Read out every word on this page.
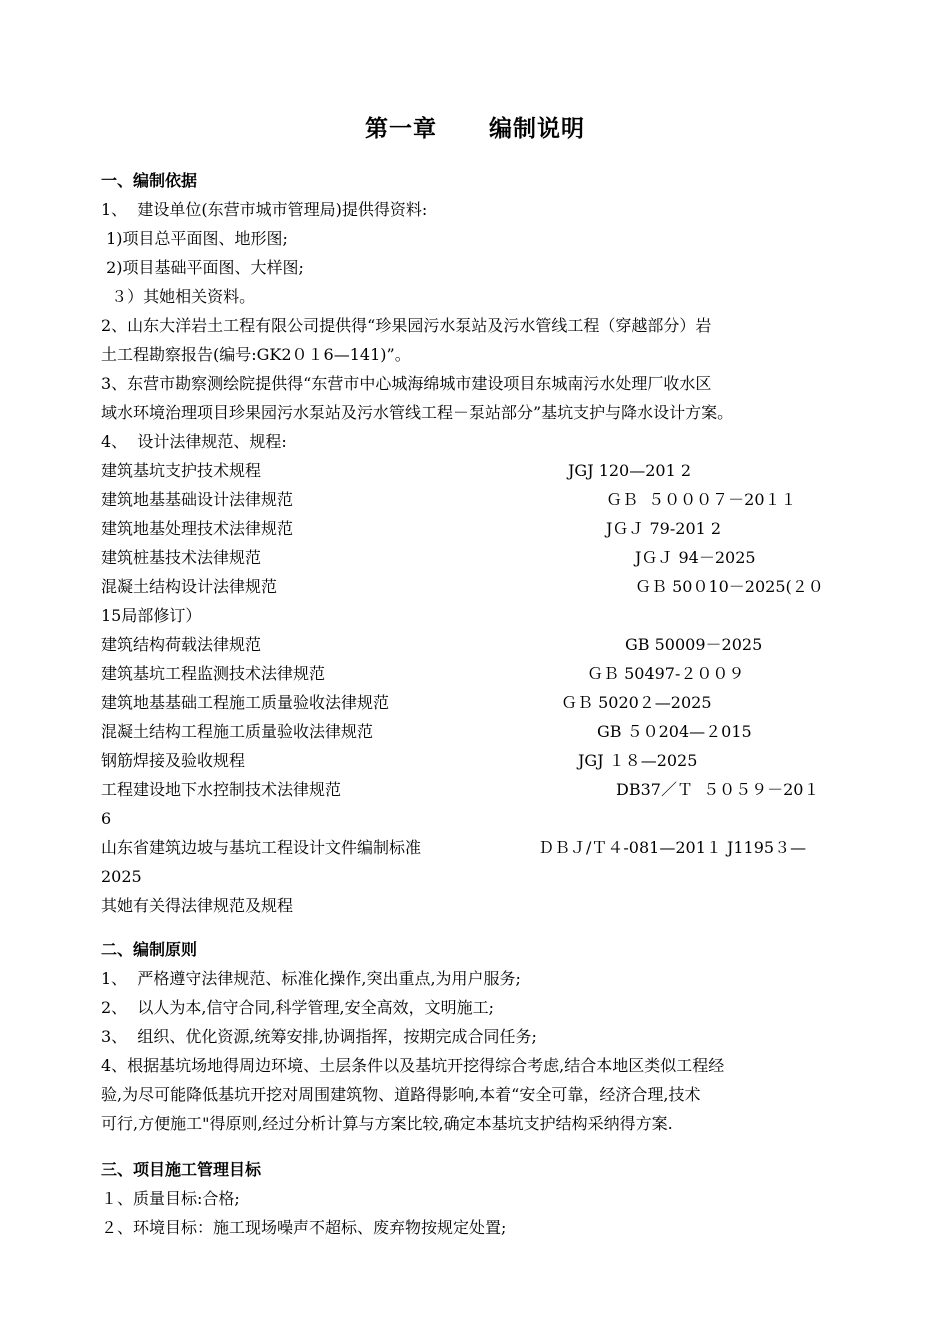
第一章 编制说明
一、编制依据
1、  建设单位(东营市城市管理局)提供得资料:
1)项目总平面图、地形图;
2)项目基础平面图、大样图;
３）其她相关资料。
2、山东大洋岩土工程有限公司提供得“珍果园污水泵站及污水管线工程（穿越部分）岩
土工程勘察报告(编号:GK2０１6—141)”。
3、东营市勘察测绘院提供得“东营市中心城海绵城市建设项目东城南污水处理厂收水区
域水环境治理项目珍果园污水泵站及污水管线工程－泵站部分”基坑支护与降水设计方案。
4、  设计法律规范、规程:
建筑基坑支护技术规程	JGJ 120—201 2
建筑地基基础设计法律规范	ＧＢ  ５０００７－20１１
建筑地基处理技术法律规范	JＧＪ 79-201 2
建筑桩基技术法律规范	JＧＪ 94－2025
混凝土结构设计法律规范	ＧＢ 50０10－2025(２０
15局部修订）
建筑结构荷载法律规范	GB 50009－2025
建筑基坑工程监测技术法律规范	ＧＢ 50497-２００９
建筑地基基础工程施工质量验收法律规范	ＧＢ 5020２—2025
混凝土结构工程施工质量验收法律规范	GB ５０204—２015
钢筋焊接及验收规程	JGJ １８—2025
工程建设地下水控制技术法律规范	DB37／Ｔ  ５０５９－20１
6
山东省建筑边坡与基坑工程设计文件编制标准	ＤＢＪ/Ｔ４-081—201１ J1195３—
2025
其她有关得法律规范及规程
二、编制原则
1、  严格遵守法律规范、标准化操作,突出重点,为用户服务;
2、  以人为本,信守合同,科学管理,安全高效，文明施工;
3、  组织、优化资源,统筹安排,协调指挥，按期完成合同任务;
4、根据基坑场地得周边环境、土层条件以及基坑开挖得综合考虑,结合本地区类似工程经
验,为尽可能降低基坑开挖对周围建筑物、道路得影响,本着“安全可靠，经济合理,技术
可行,方便施工"得原则,经过分析计算与方案比较,确定本基坑支护结构采纳得方案.
三、项目施工管理目标
１、质量目标:合格;
２、环境目标：施工现场噪声不超标、废弃物按规定处置;
